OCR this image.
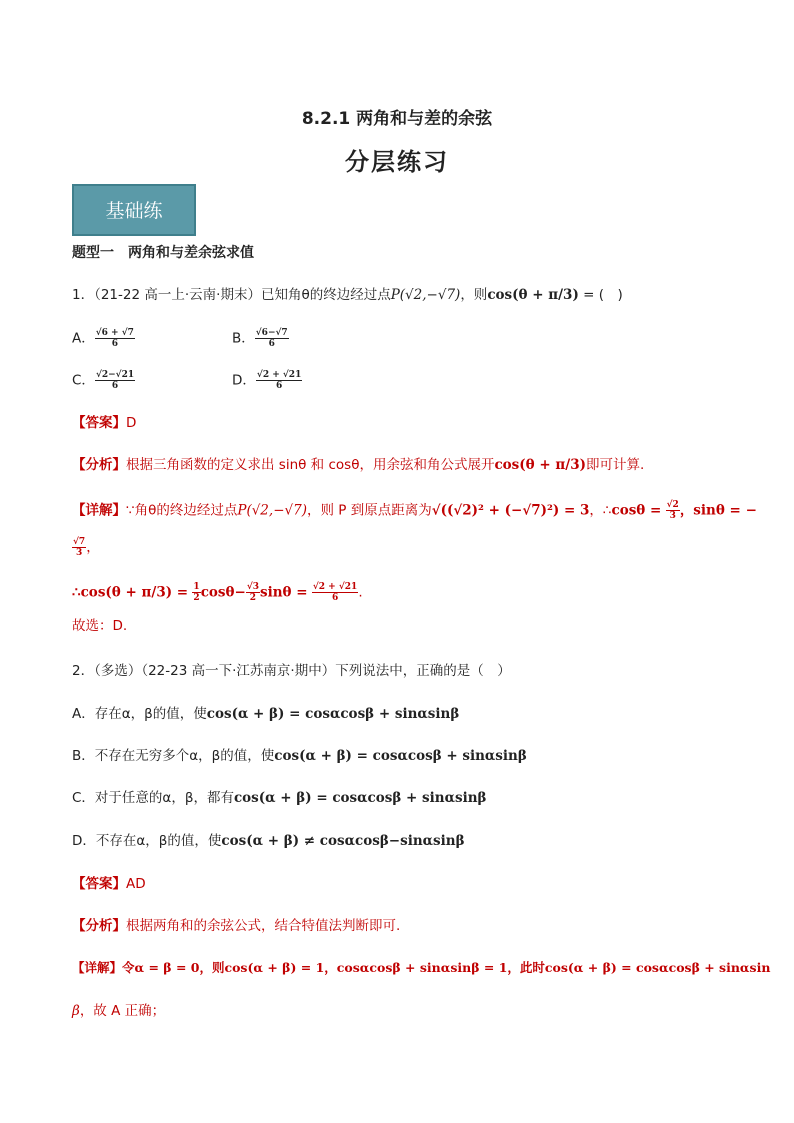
8.2.1 两角和与差的余弦
分层练习
基础练
题型一　两角和与差余弦求值
1．（21-22 高一上·云南·期末）已知角θ的终边经过点P(√2,−√7)，则cos(θ + π/3) = (　)
A． $\frac{√6 + √7}{6}$	B． $\frac{√6-√7}{6}$
C． $\frac{√2-√21}{6}$	D． $\frac{√2 + √21}{6}$
【答案】D
【分析】根据三角函数的定义求出 sinθ 和 cosθ，用余弦和角公式展开cos(θ + π/3)即可计算.
【详解】∵角θ的终边经过点P(√2,−√7)，则 P 到原点距离为√((√2)² + (−√7)²) = 3，∴cosθ = $\frac{√2}{3}$ ，sinθ = −
$\frac{√7}{3}$ ，
∴cos(θ + $\pi/3) = \frac{1}{2} \cos\theta- \frac{√3}{2}$ $\sin\theta = \frac{√2 + √21}{6}$ .
故选：D.
2．（多选）（22-23 高一下·江苏南京·期中）下列说法中，正确的是（　）
A．存在α，β的值，使cos(α + β) = cosαcosβ + sinαsinβ
B．不存在无穷多个α，β的值，使cos(α + β) = cosαcosβ + sinαsinβ
C．对于任意的α，β，都有cos(α + β) = cosαcosβ + sinαsinβ
D．不存在α，β的值，使cos(α + β) ≠ cosαcosβ−sinαsinβ
【答案】AD
【分析】根据两角和的余弦公式，结合特值法判断即可.
【详解】令α = β = 0，则cos(α + β) = 1，cosαcosβ + sinαsinβ = 1，此时cos(α + β) = cosαcosβ + sinαsin
β，故 A 正确；
